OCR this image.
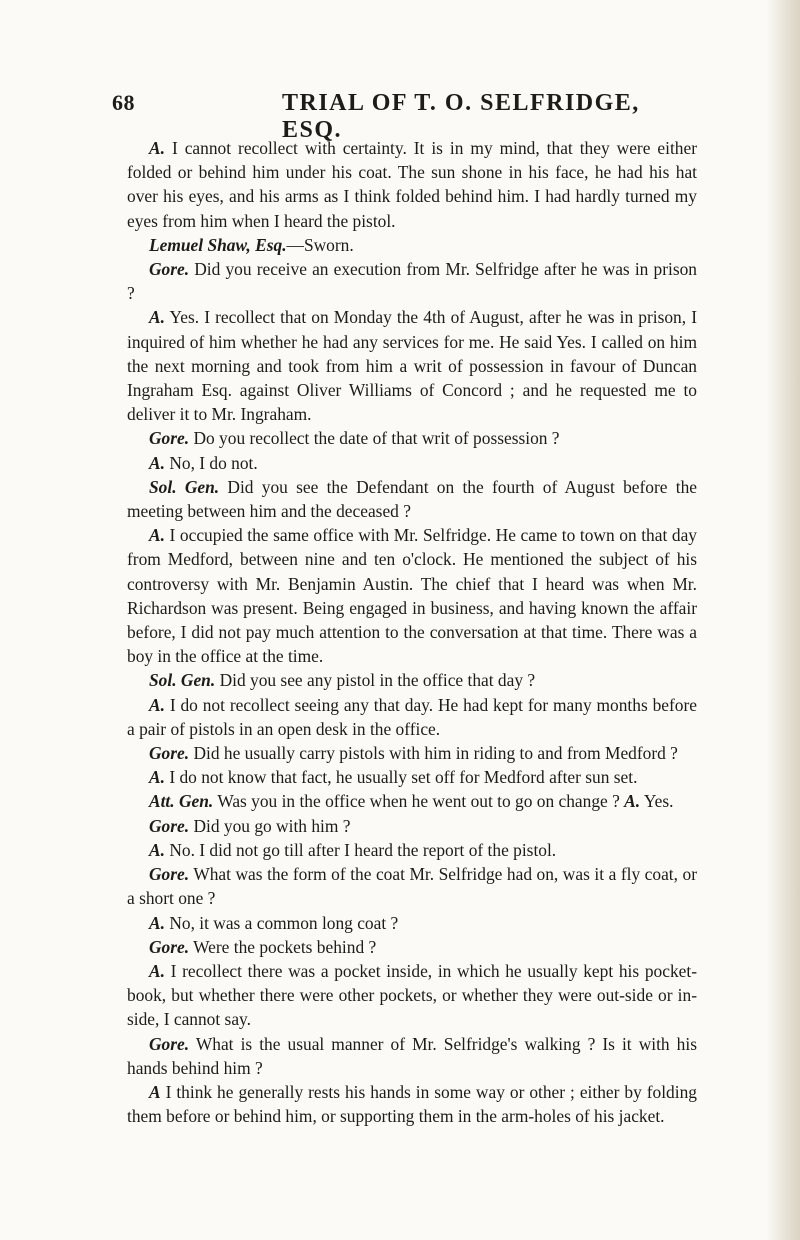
68	TRIAL OF T. O. SELFRIDGE, ESQ.

A. I cannot recollect with certainty. It is in my mind, that they were either folded or behind him under his coat. The sun shone in his face, he had his hat over his eyes, and his arms as I think folded behind him. I had hardly turned my eyes from him when I heard the pistol.

Lemuel Shaw, Esq.—Sworn.

Gore. Did you receive an execution from Mr. Selfridge after he was in prison ?

A. Yes. I recollect that on Monday the 4th of August, after he was in prison, I inquired of him whether he had any services for me. He said Yes. I called on him the next morning and took from him a writ of possession in favour of Duncan Ingraham Esq. against Oliver Williams of Concord ; and he requested me to deliver it to Mr. Ingraham.

Gore. Do you recollect the date of that writ of possession ?

A. No, I do not.

Sol. Gen. Did you see the Defendant on the fourth of August before the meeting between him and the deceased ?

A. I occupied the same office with Mr. Selfridge. He came to town on that day from Medford, between nine and ten o'clock. He mentioned the subject of his controversy with Mr. Benjamin Austin. The chief that I heard was when Mr. Richardson was present. Being engaged in business, and having known the affair before, I did not pay much attention to the conversation at that time. There was a boy in the office at the time.

Sol. Gen. Did you see any pistol in the office that day ?

A. I do not recollect seeing any that day. He had kept for many months before a pair of pistols in an open desk in the office.

Gore. Did he usually carry pistols with him in riding to and from Medford ?

A. I do not know that fact, he usually set off for Medford after sun set.

Att. Gen. Was you in the office when he went out to go on change ? A. Yes.

Gore. Did you go with him ?

A. No. I did not go till after I heard the report of the pistol.

Gore. What was the form of the coat Mr. Selfridge had on, was it a fly coat, or a short one ?

A. No, it was a common long coat ?

Gore. Were the pockets behind ?

A. I recollect there was a pocket inside, in which he usually kept his pocket-book, but whether there were other pockets, or whether they were out-side or in-side, I cannot say.

Gore. What is the usual manner of Mr. Selfridge's walking ? Is it with his hands behind him ?

A I think he generally rests his hands in some way or other ; either by folding them before or behind him, or supporting them in the arm-holes of his jacket.
